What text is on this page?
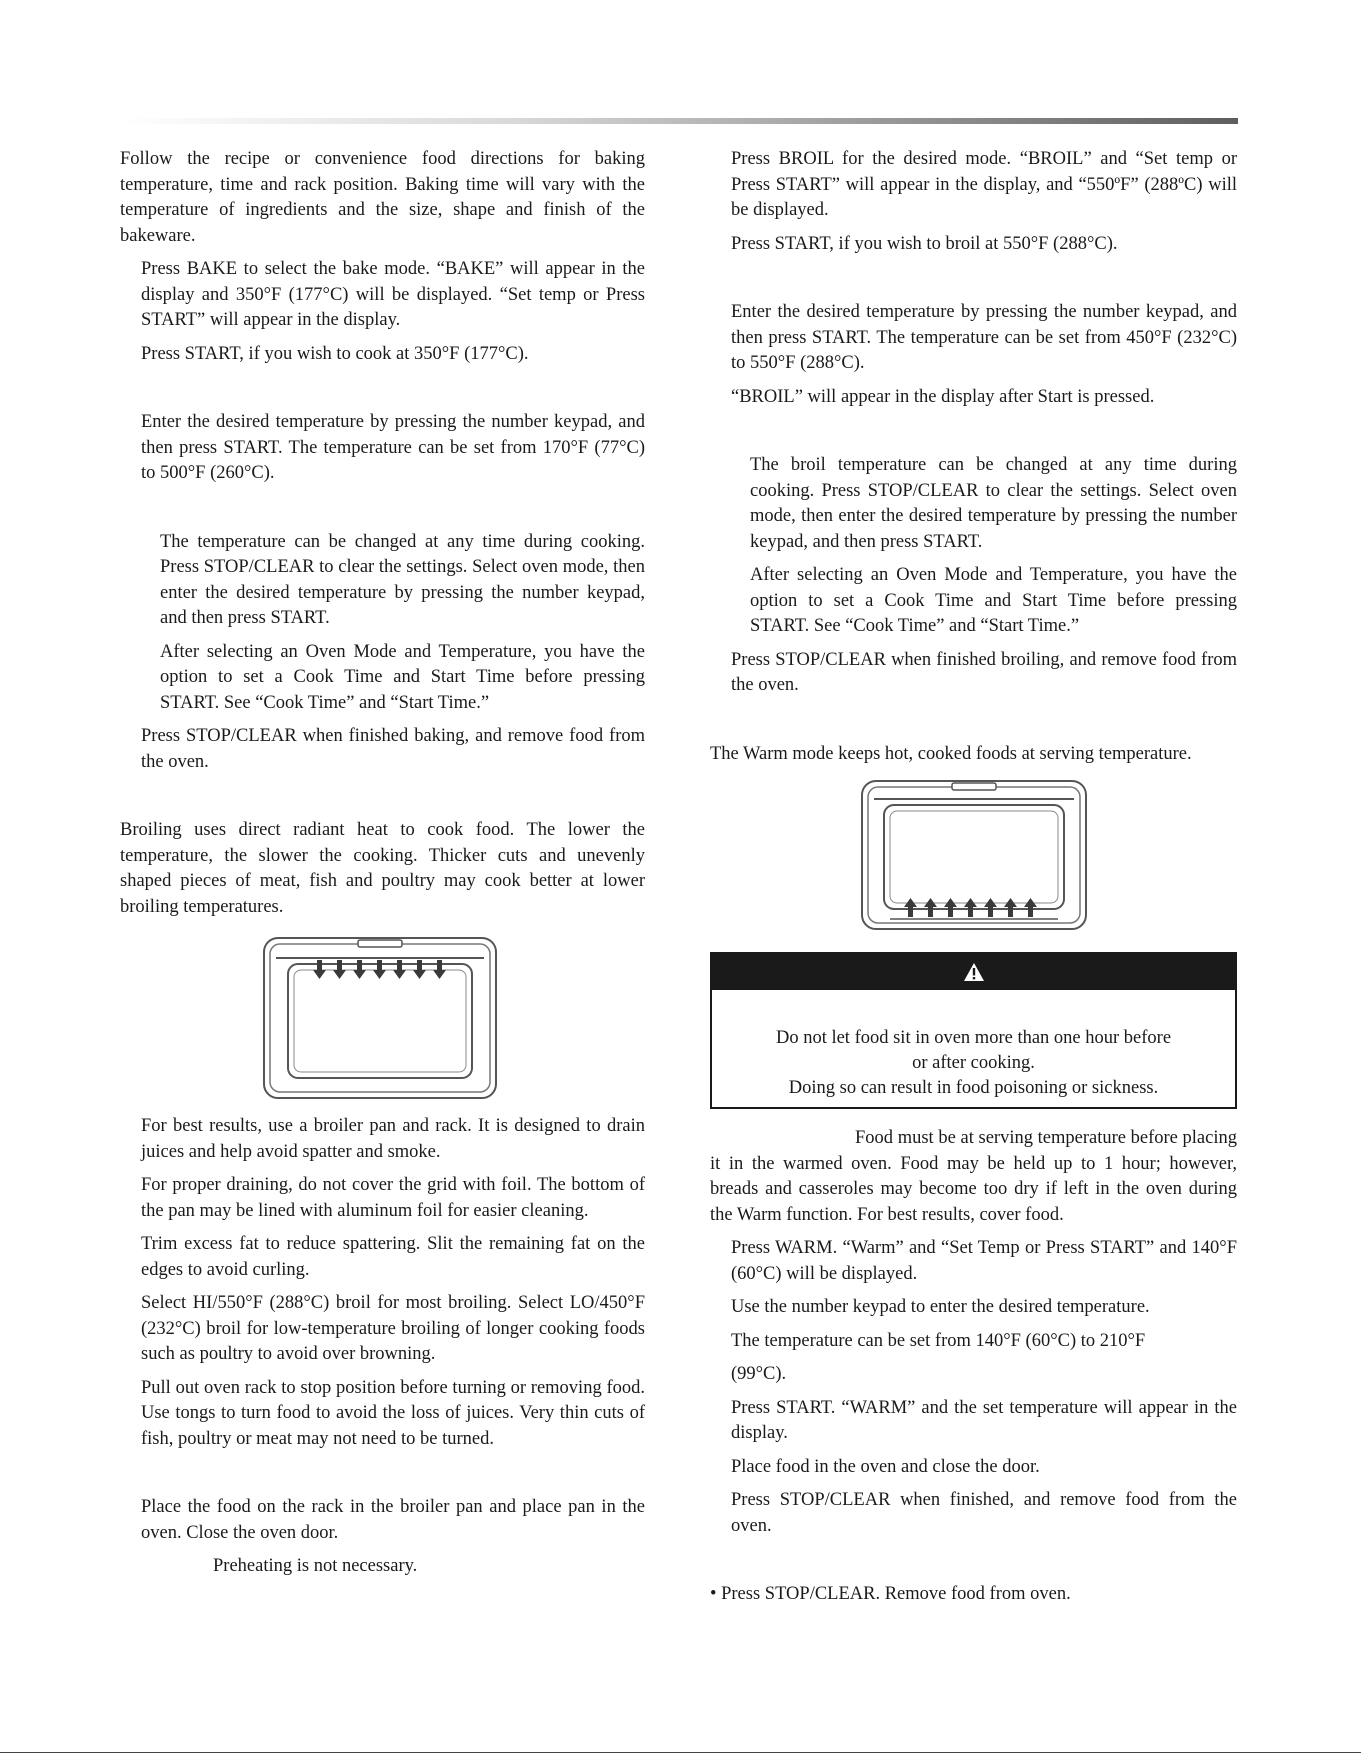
Follow the recipe or convenience food directions for baking temperature, time and rack position. Baking time will vary with the temperature of ingredients and the size, shape and finish of the bakeware.

Press BAKE to select the bake mode. “BAKE” will appear in the display and 350°F (177°C) will be displayed. “Set temp or Press START” will appear in the display.

Press START, if you wish to cook at 350°F (177°C).

Enter the desired temperature by pressing the number keypad, and then press START. The temperature can be set from 170°F (77°C) to 500°F (260°C).

The temperature can be changed at any time during cooking. Press STOP/CLEAR to clear the settings. Select oven mode, then enter the desired temperature by pressing the number keypad, and then press START.

After selecting an Oven Mode and Temperature, you have the option to set a Cook Time and Start Time before pressing START. See “Cook Time” and “Start Time.”

Press STOP/CLEAR when finished baking, and remove food from the oven.

Broiling uses direct radiant heat to cook food. The lower the temperature, the slower the cooking. Thicker cuts and unevenly shaped pieces of meat, fish and poultry may cook better at lower broiling temperatures.

For best results, use a broiler pan and rack. It is designed to drain juices and help avoid spatter and smoke.

For proper draining, do not cover the grid with foil. The bottom of the pan may be lined with aluminum foil for easier cleaning.

Trim excess fat to reduce spattering. Slit the remaining fat on the edges to avoid curling.

Select HI/550°F (288°C) broil for most broiling. Select LO/450°F (232°C) broil for low-temperature broiling of longer cooking foods such as poultry to avoid over browning.

Pull out oven rack to stop position before turning or removing food. Use tongs to turn food to avoid the loss of juices. Very thin cuts of fish, poultry or meat may not need to be turned.

Place the food on the rack in the broiler pan and place pan in the oven. Close the oven door.

Preheating is not necessary.

Press BROIL for the desired mode. “BROIL” and “Set temp or Press START” will appear in the display, and “550ºF” (288ºC) will be displayed.

Press START, if you wish to broil at 550°F (288°C).

Enter the desired temperature by pressing the number keypad, and then press START. The temperature can be set from 450°F (232°C) to 550°F (288°C).

“BROIL” will appear in the display after Start is pressed.

The broil temperature can be changed at any time during cooking. Press STOP/CLEAR to clear the settings. Select oven mode, then enter the desired temperature by pressing the number keypad, and then press START.

After selecting an Oven Mode and Temperature, you have the option to set a Cook Time and Start Time before pressing START. See “Cook Time” and “Start Time.”

Press STOP/CLEAR when finished broiling, and remove food from the oven.

The Warm mode keeps hot, cooked foods at serving temperature.

Do not let food sit in oven more than one hour before
or after cooking.
Doing so can result in food poisoning or sickness.

Food must be at serving temperature before placing it in the warmed oven. Food may be held up to 1 hour; however, breads and casseroles may become too dry if left in the oven during the Warm function. For best results, cover food.

Press WARM. “Warm” and “Set Temp or Press START” and 140°F (60°C) will be displayed.

Use the number keypad to enter the desired temperature.

The temperature can be set from 140°F (60°C) to 210°F

(99°C).

Press START. “WARM” and the set temperature will appear in the display.

Place food in the oven and close the door.

Press STOP/CLEAR when finished, and remove food from the oven.

• Press STOP/CLEAR. Remove food from oven.
